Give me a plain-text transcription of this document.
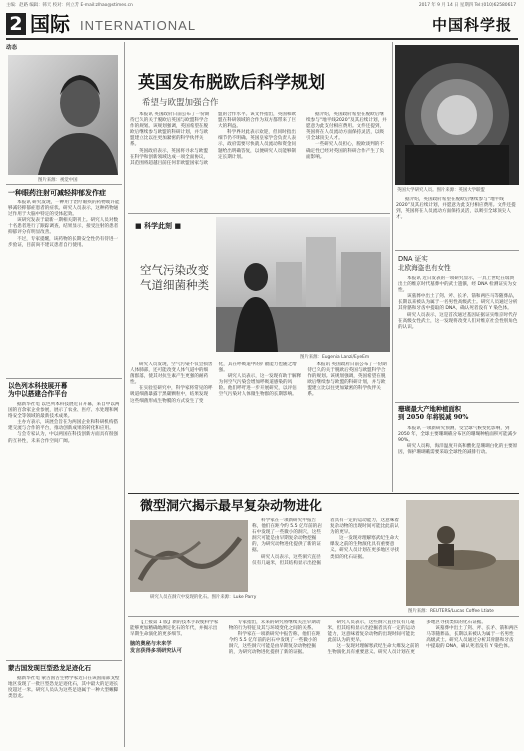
主编：赵路 编辑：韩天 校对：何立芳 E-mail:zlhao@stimes.cn	2017 年 9 月 14 日 星期四 Tel:(010)62580617
2 国际 INTERNATIONAL	中国科学报
动态
图片来源：视觉中国
一种眼药注射可减轻抑郁发作症

本报讯 研究发现，一种用于治疗眼疾的药物或许能够减轻抑郁症患者的症状。研究人员表示，这种药物通过作用于大脑中特定的受体起效。

该研究发表于最新一期相关期刊上。研究人员对数十名患者进行了跟踪调查，结果显示，接受注射的患者抑郁评分有明显改善。

不过，专家提醒，该药物的长期安全性仍有待进一步验证，目前尚不建议患者自行使用。

以色列本科技展开幕
为中以搭建合作平台

据新华社电 以色列本科技展近日开幕，来自中以两国的百余家企业参展，展示了农业、医疗、水处理和网络安全等领域的最新技术成果。

主办方表示，该展会旨在为两国企业和科研机构搭建交流与合作的平台，推动创新成果的转化和应用。

与会专家认为，中以两国在科技创新方面具有很强的互补性，未来合作空间广阔。

蒙古国发现巨型恐龙足迹化石

据新华社电 蒙古国古生物学家近日在该国南部戈壁地区发现了一批巨型恐龙足迹化石，其中最大的足迹长度超过一米。研究人员认为这些足迹属于一种大型蜥脚类恐龙。

英国发布脱欧后科学规划
希望与欧盟加强合作

本报讯 英国政府日前公布了一份期待已久的关于脱欧后英国与欧盟科学合作的规划。该规划强调，英国希望在脱欧后继续参与欧盟的科研计划，并与欧盟建立比以往更加紧密的科学伙伴关系。

英国政府表示，英国将寻求与欧盟在科学和创新领域达成一项全面协议，其范围将超越目前任何非欧盟国家与欧盟的合作水平。该文件指出，英国和欧盟在科研领域的合作为双方都带来了巨大的利益。

科学界对此表示欢迎，但同时指出细节仍不明确。英国皇家学会负责人表示，政府需要尽快就人员流动和资金问题给出明确答复，以便研究人员能够制定长期计划。

据介绍，英国政府希望在脱欧后继续参与“地平线2020”及其后续计划，并愿意为此支付相应费用。文件还提到，英国将在人员流动方面保持灵活，以吸引全球顶尖人才。

一些研究人员担心，脱欧谈判的不确定性已经对英国的科研合作产生了负面影响。

英国大学研究人员。图片来源：英国大学联盟

据介绍，英国政府希望在脱欧后继续参与“地平线2020”及其后续计划，并愿意为此支付相应费用。文件还提到，英国将在人员流动方面保持灵活，以吸引全球顶尖人才。

■ 科学此刻 ■
空气污染改变
气道细菌种类
图片来源：Eugenia Lanzi/EyeEm

研究人员发现，空气污染不仅会损害人体肺部，还可能改变人体气道中的细菌群落，使其对抗生素产生更强的耐药性。

在实验室研究中，科学家将常见的呼吸道细菌暴露于黑碳颗粒中，结果发现这些细菌形成生物膜的方式发生了变化，其在呼吸道中的扩散能力也随之增强。

研究人员表示，这一发现有助于解释为何空气污染会增加呼吸道感染的风险。他们呼吁进一步开展研究，以评估空气污染对人体微生物群的长期影响。

本报讯 英国政府日前公布了一份期待已久的关于脱欧后英国与欧盟科学合作的规划。该规划强调，英国希望在脱欧后继续参与欧盟的科研计划，并与欧盟建立比以往更加紧密的科学伙伴关系。

DNA 证实
北欧海盗也有女性

本报讯 近日发表的一项研究显示，一具上世纪在瑞典出土的维京时代墓葬中的武士遗骸，经 DNA 检测证实为女性。

该墓葬中出土了剑、斧、长矛、箭和两匹马等随葬品，长期以来被认为属于一名男性高级武士。研究人员通过分析其骨骼和牙齿中提取的 DNA，确认死者没有 Y 染色体。

研究人员表示，这是首次通过基因证据证实维京时代存在高级女性武士，这一发现将改变人们对维京社会性别角色的认识。

珊瑚最大产地种植面积
到 2050 年将锐减 90%

本报讯 一项新研究预测，受全球气候变化影响，到 2050 年，全球主要珊瑚礁分布区的珊瑚种植面积可能减少 90%。

研究人员称，海洋温度升高和酸化是珊瑚白化的主要原因，保护珊瑚礁需要采取全球性的减排行动。

微型洞穴揭示最早复杂动物进化
研究人员在洞穴中发现的化石。图片来源：Luke Parry

科学家在一项新研究中报告称，他们在距今约 5.5 亿年前的岩石中发现了一些微小的洞穴，这些洞穴可能是由早期复杂动物挖掘的，为研究动物进化提供了新的证据。

研究人员表示，这些洞穴直径仅有几毫米，但其结构显示出挖掘者具有一定的运动能力，这意味着复杂动物的出现时间可能比此前认为的更早。

这一发现对理解寒武纪生命大爆发之前的生物演化具有重要意义。研究人员计划在更多地区寻找类似的化石证据。

图片来源：REUTERS/Lucas Coffee Ltiate

【上接第 1 版】新的技术手段使科学家能够更加精确地测定化石的年代，并揭示出早期生命演化的更多细节。

脑的奥秘与未来学
发言获得多项研究认可

专家指出，未来的研究将继续关注早期动物的行为特征及其与环境变化之间的关系。

科学家在一项新研究中报告称，他们在距今约 5.5 亿年前的岩石中发现了一些微小的洞穴，这些洞穴可能是由早期复杂动物挖掘的，为研究动物进化提供了新的证据。

研究人员表示，这些洞穴直径仅有几毫米，但其结构显示出挖掘者具有一定的运动能力，这意味着复杂动物的出现时间可能比此前认为的更早。

这一发现对理解寒武纪生命大爆发之前的生物演化具有重要意义。研究人员计划在更多地区寻找类似的化石证据。

该墓葬中出土了剑、斧、长矛、箭和两匹马等随葬品，长期以来被认为属于一名男性高级武士。研究人员通过分析其骨骼和牙齿中提取的 DNA，确认死者没有 Y 染色体。
